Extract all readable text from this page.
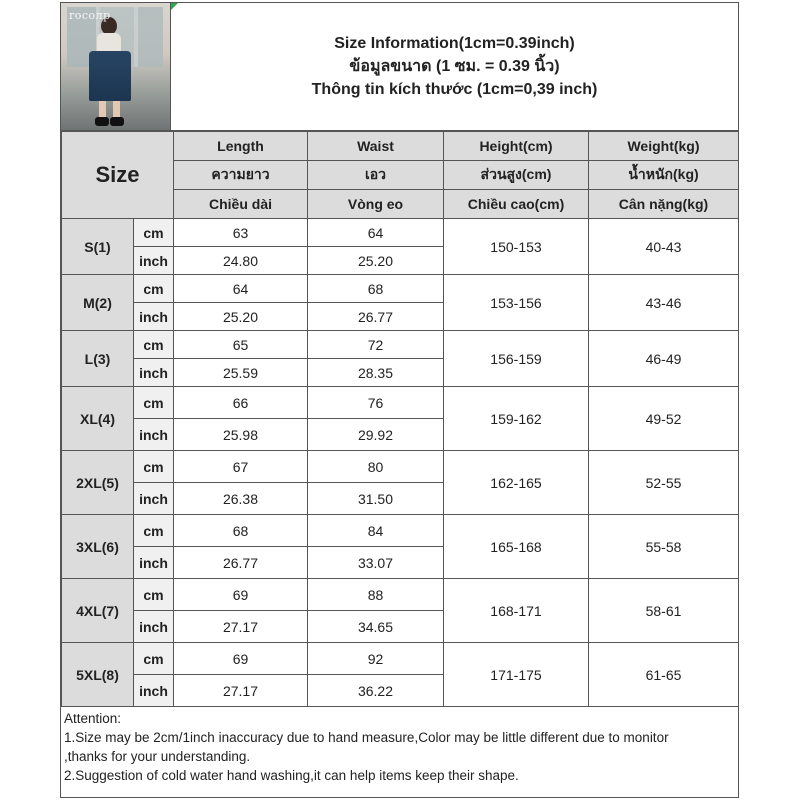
rocoлp
Size Information(1cm=0.39inch)
ข้อมูลขนาด (1 ซม. = 0.39 นิ้ว)
Thông tin kích thước (1cm=0,39 inch)
Size		Length	Waist	Height(cm)	Weight(kg)
		ความยาว	เอว	ส่วนสูง(cm)	น้ำหนัก(kg)
		Chiều dài	Vòng eo	Chiều cao(cm)	Cân nặng(kg)
S(1)	cm	63	64	150-153	40-43
	inch	24.80	25.20		
M(2)	cm	64	68	153-156	43-46
	inch	25.20	26.77		
L(3)	cm	65	72	156-159	46-49
	inch	25.59	28.35		
XL(4)	cm	66	76	159-162	49-52
	inch	25.98	29.92		
2XL(5)	cm	67	80	162-165	52-55
	inch	26.38	31.50		
3XL(6)	cm	68	84	165-168	55-58
	inch	26.77	33.07		
4XL(7)	cm	69	88	168-171	58-61
	inch	27.17	34.65		
5XL(8)	cm	69	92	171-175	61-65
	inch	27.17	36.22		

Attention:

1.Size may be 2cm/1inch inaccuracy due to hand measure,Color may be little different due to monitor

,thanks for your understanding.

2.Suggestion of cold water hand washing,it can help items keep their shape.
